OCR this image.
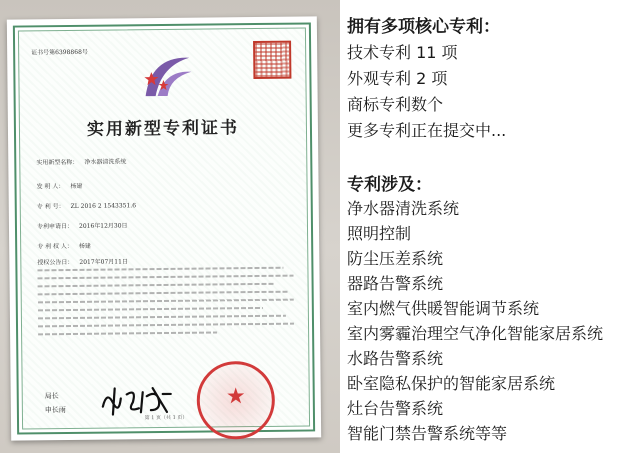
证书号第6398868号
实用新型专利证书
实用新型名称： 净水器清洗系统
发 明 人： 杨建
专 利 号： ZL 2016 2 1543351.6
专利申请日： 2016年12月30日
专 利 权 人： 杨建
授权公告日： 2017年07月11日
局长
申长雨
★
第 1 页（共 1 页）
拥有多项核心专利：
技术专利 11 项
外观专利 2 项
商标专利数个
更多专利正在提交中...
专利涉及：
净水器清洗系统
照明控制
防尘压差系统
器路告警系统
室内燃气供暖智能调节系统
室内雾霾治理空气净化智能家居系统
水路告警系统
卧室隐私保护的智能家居系统
灶台告警系统
智能门禁告警系统等等
